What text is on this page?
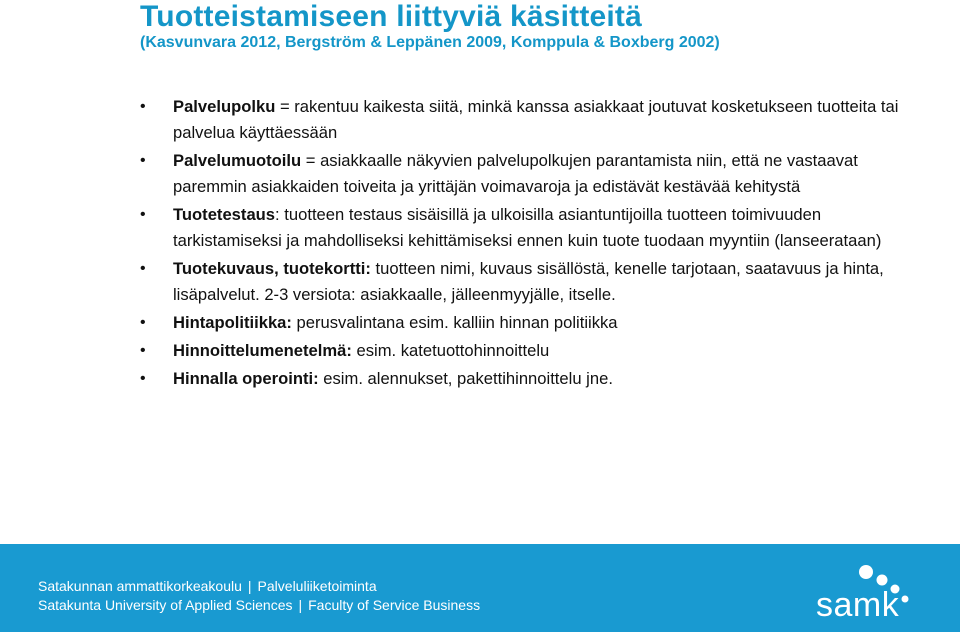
Tuotteistamiseen liittyviä käsitteitä
(Kasvunvara 2012, Bergström & Leppänen 2009, Komppula & Boxberg 2002)
• Palvelupolku = rakentuu kaikesta siitä, minkä kanssa asiakkaat joutuvat kosketukseen tuotteita tai palvelua käyttäessään
• Palvelumuotoilu = asiakkaalle näkyvien palvelupolkujen parantamista niin, että ne vastaavat paremmin asiakkaiden toiveita ja yrittäjän voimavaroja ja edistävät kestävää kehitystä
• Tuotetestaus: tuotteen testaus sisäisillä ja ulkoisilla asiantuntijoilla tuotteen toimivuuden tarkistamiseksi ja mahdolliseksi kehittämiseksi ennen kuin tuote tuodaan myyntiin (lanseerataan)
• Tuotekuvaus, tuotekortti: tuotteen nimi, kuvaus sisällöstä, kenelle tarjotaan, saatavuus ja hinta, lisäpalvelut. 2-3 versiota: asiakkaalle, jälleenmyyjälle, itselle.
• Hintapolitiikka: perusvalintana esim. kalliin hinnan politiikka
• Hinnoittelumenetelmä: esim. katetuottohinnoittelu
• Hinnalla operointi: esim. alennukset, pakettihinnoittelu jne.
Satakunnan ammattikorkeakoulu | Palveluliiketoiminta
Satakunta University of Applied Sciences | Faculty of Service Business	samk
